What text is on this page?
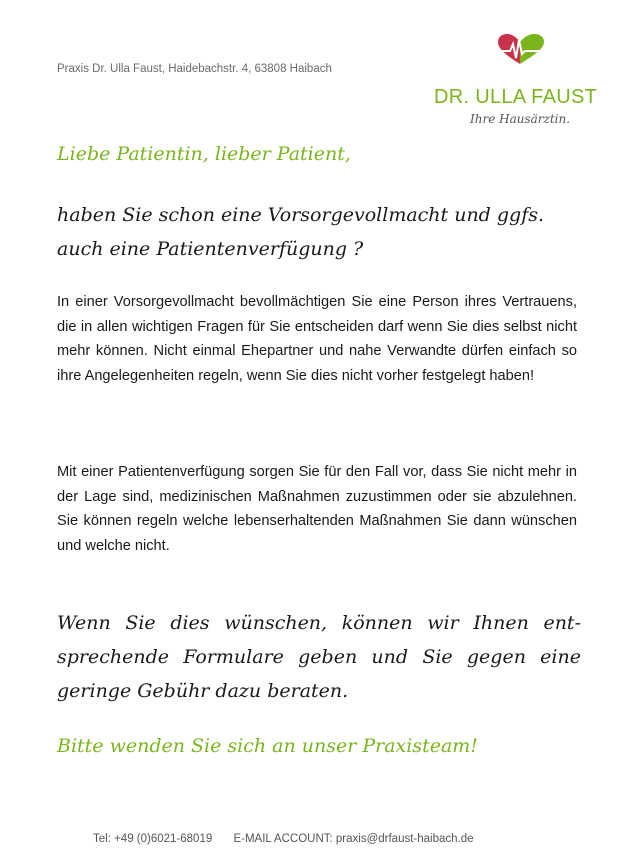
Praxis Dr. Ulla Faust, Haidebachstr. 4, 63808 Haibach
DR. ULLA FAUST
Ihre Hausärztin.
Liebe Patientin, lieber Patient,
haben Sie schon eine Vorsorgevollmacht und ggfs. auch eine Patientenverfügung ?
In einer Vorsorgevollmacht bevollmächtigen Sie eine Person ihres Vertrauens, die in allen wichtigen Fragen für Sie entscheiden darf wenn Sie dies selbst nicht mehr können. Nicht einmal Ehepartner und nahe Verwandte dürfen einfach so ihre Angelegenheiten regeln, wenn Sie dies nicht vorher festgelegt haben!
Mit einer Patientenverfügung sorgen Sie für den Fall vor, dass Sie nicht mehr in der Lage sind, medizinischen Maßnahmen zuzustimmen oder sie abzulehnen. Sie können regeln welche lebenserhaltenden Maßnahmen Sie dann wünschen und welche nicht.
Wenn Sie dies wünschen, können wir Ihnen ent-sprechende Formulare geben und Sie gegen eine geringe Gebühr dazu beraten.
Bitte wenden Sie sich an unser Praxisteam!
Tel: +49 (0)6021-68019 E-MAIL ACCOUNT: praxis@drfaust-haibach.de
